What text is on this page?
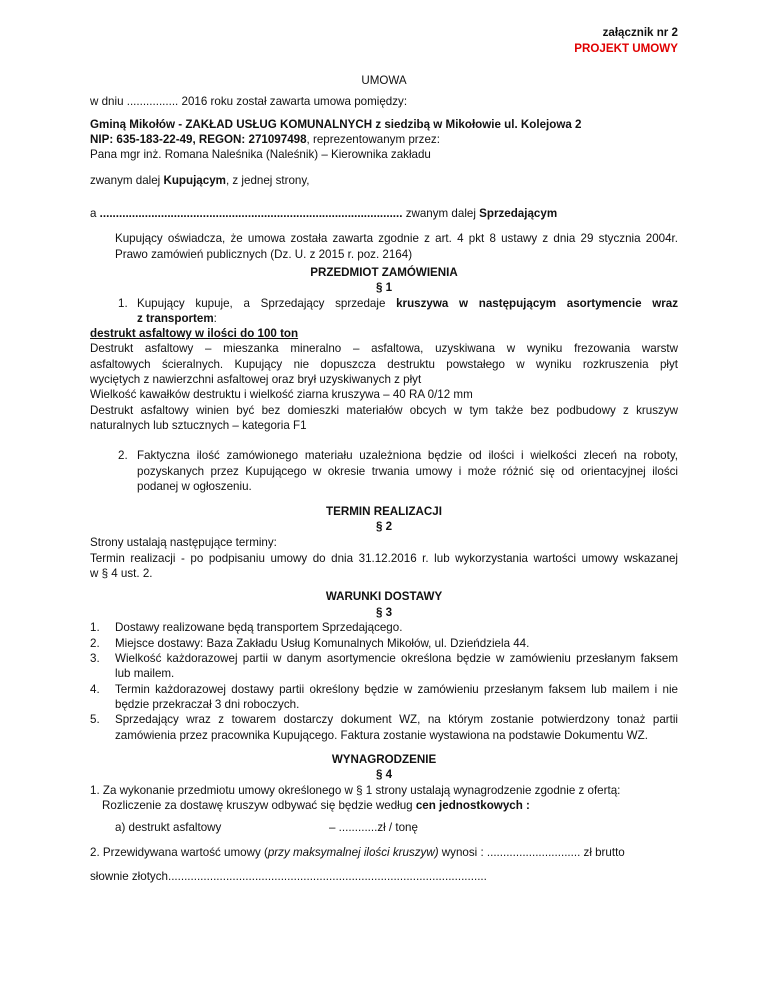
załącznik nr 2
PROJEKT UMOWY
UMOWA
w dniu ................ 2016 roku został zawarta umowa pomiędzy:
Gminą Mikołów - ZAKŁAD USŁUG KOMUNALNYCH z siedzibą w Mikołowie ul. Kolejowa 2
NIP: 635-183-22-49, REGON: 271097498, reprezentowanym przez:
Pana mgr inż. Romana Naleśnika (Naleśnik) – Kierownika zakładu
zwanym dalej Kupującym, z jednej strony,
a .............................................................................................. zwanym dalej Sprzedającym
Kupujący oświadcza, że umowa została zawarta zgodnie z art. 4 pkt 8 ustawy z dnia 29 stycznia 2004r.
Prawo zamówień publicznych (Dz. U. z 2015 r. poz. 2164)
PRZEDMIOT ZAMÓWIENIA
§ 1
1. Kupujący kupuje, a Sprzedający sprzedaje kruszywa w następującym asortymencie wraz
z transportem:
destrukt asfaltowy w ilości do 100 ton
Destrukt asfaltowy – mieszanka mineralno – asfaltowa, uzyskiwana w wyniku frezowania warstw
asfaltowych ścieralnych. Kupujący nie dopuszcza destruktu powstałego w wyniku rozkruszenia płyt
wyciętych z nawierzchni asfaltowej oraz brył uzyskiwanych z płyt
Wielkość kawałków destruktu i wielkość ziarna kruszywa – 40 RA 0/12 mm
Destrukt asfaltowy winien być bez domieszki materiałów obcych w tym także bez podbudowy z kruszyw
naturalnych lub sztucznych – kategoria F1
2. Faktyczna ilość zamówionego materiału uzależniona będzie od ilości i wielkości zleceń na roboty,
pozyskanych przez Kupującego w okresie trwania umowy i może różnić się od orientacyjnej ilości
podanej w ogłoszeniu.
TERMIN REALIZACJI
§ 2
Strony ustalają następujące terminy:
Termin realizacji - po podpisaniu umowy do dnia 31.12.2016 r. lub wykorzystania wartości umowy wskazanej
w § 4 ust. 2.
WARUNKI DOSTAWY
§ 3
1. Dostawy realizowane będą transportem Sprzedającego.
2. Miejsce dostawy: Baza Zakładu Usług Komunalnych Mikołów, ul. Dzieńdziela 44.
3. Wielkość każdorazowej partii w danym asortymencie określona będzie w zamówieniu przesłanym faksem
lub mailem.
4. Termin każdorazowej dostawy partii określony będzie w zamówieniu przesłanym faksem lub mailem i nie
będzie przekraczał 3 dni roboczych.
5. Sprzedający wraz z towarem dostarczy dokument WZ, na którym zostanie potwierdzony tonaż partii
zamówienia przez pracownika Kupującego. Faktura zostanie wystawiona na podstawie Dokumentu WZ.
WYNAGRODZENIE
§ 4
1. Za wykonanie przedmiotu umowy określonego w § 1 strony ustalają wynagrodzenie zgodnie z ofertą:
Rozliczenie za dostawę kruszyw odbywać się będzie według cen jednostkowych :
a) destrukt asfaltowy	– ............zł / tonę
2. Przewidywana wartość umowy (przy maksymalnej ilości kruszyw) wynosi : ............................. zł brutto
słownie złotych...................................................................................................
